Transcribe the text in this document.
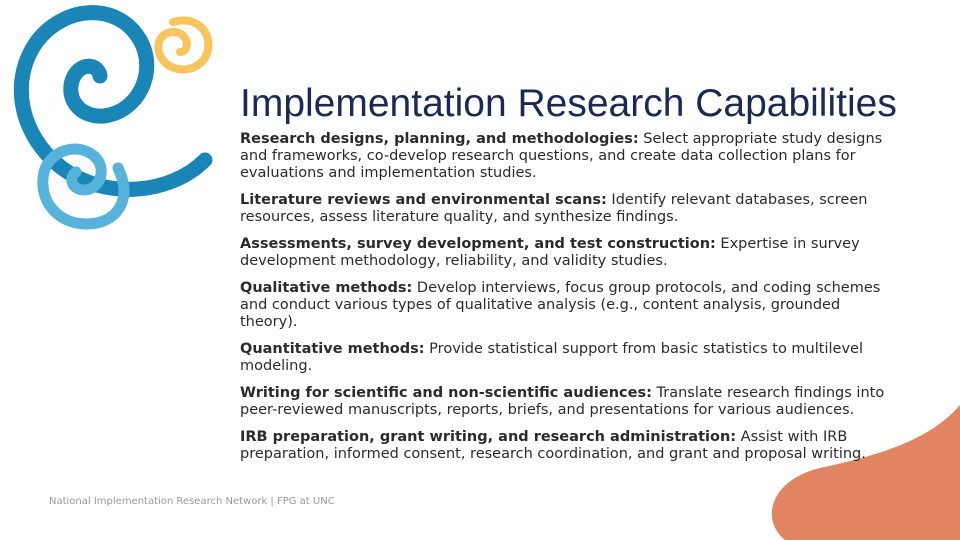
Implementation Research Capabilities
Research designs, planning, and methodologies: Select appropriate study designs and frameworks, co-develop research questions, and create data collection plans for evaluations and implementation studies.
Literature reviews and environmental scans: Identify relevant databases, screen resources, assess literature quality, and synthesize findings.
Assessments, survey development, and test construction: Expertise in survey development methodology, reliability, and validity studies.
Qualitative methods: Develop interviews, focus group protocols, and coding schemes and conduct various types of qualitative analysis (e.g., content analysis, grounded theory).
Quantitative methods: Provide statistical support from basic statistics to multilevel modeling.
Writing for scientific and non-scientific audiences: Translate research findings into peer-reviewed manuscripts, reports, briefs, and presentations for various audiences.
IRB preparation, grant writing, and research administration: Assist with IRB preparation, informed consent, research coordination, and grant and proposal writing.
National Implementation Research Network | FPG at UNC
